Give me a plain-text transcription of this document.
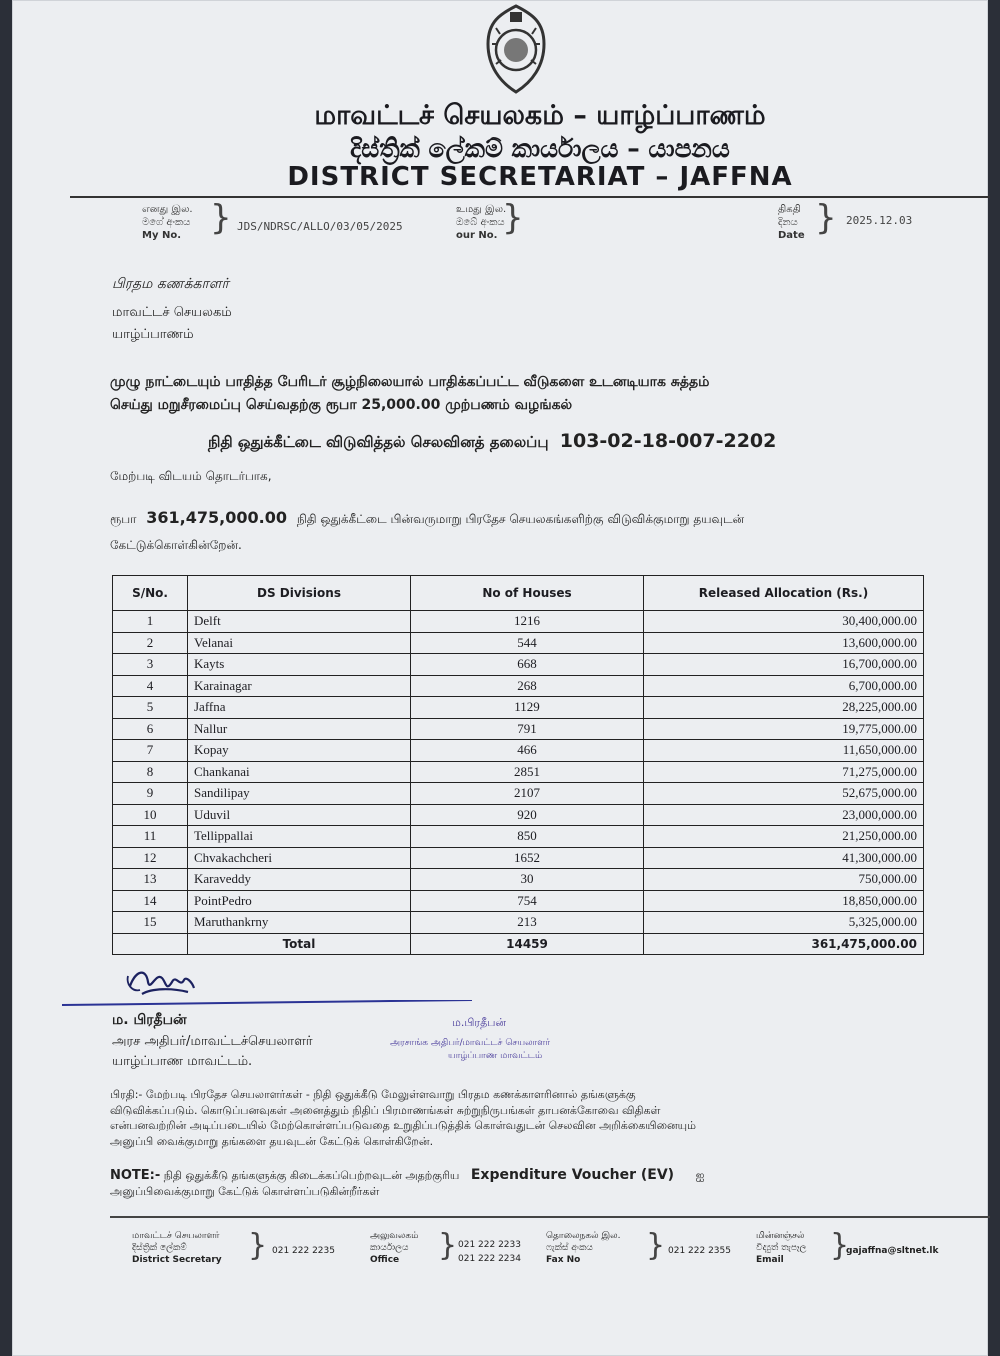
மாவட்டச் செயலகம் – யாழ்ப்பாணம்
දිස්ත්‍රික් ලේකම් කාර්යාලය – යාපනය
DISTRICT SECRETARIAT – JAFFNA
எனது இல.
මගේ අංකය
My No. } JDS/NDRSC/ALLO/03/05/2025
உமது இல.
ඔබේ අංකය
our No. }	திகதி
දිනය
Date } 2025.12.03
பிரதம கணக்காளர்
மாவட்டச் செயலகம்
யாழ்ப்பாணம்
முழு நாட்டையும் பாதித்த பேரிடர் சூழ்நிலையால் பாதிக்கப்பட்ட வீடுகளை உடனடியாக சுத்தம்
செய்து மறுசீரமைப்பு செய்வதற்கு ரூபா 25,000.00 முற்பணம் வழங்கல்
நிதி ஒதுக்கீட்டை விடுவித்தல் செலவினத் தலைப்பு 103-02-18-007-2202
மேற்படி விடயம் தொடர்பாக,
ரூபா 361,475,000.00 நிதி ஒதுக்கீட்டை பின்வருமாறு பிரதேச செயலகங்களிற்கு விடுவிக்குமாறு தயவுடன்
கேட்டுக்கொள்கின்றேன்.
S/No.	DS Divisions	No of Houses	Released Allocation (Rs.)
1	Delft	1216	30,400,000.00
2	Velanai	544	13,600,000.00
3	Kayts	668	16,700,000.00
4	Karainagar	268	6,700,000.00
5	Jaffna	1129	28,225,000.00
6	Nallur	791	19,775,000.00
7	Kopay	466	11,650,000.00
8	Chankanai	2851	71,275,000.00
9	Sandilipay	2107	52,675,000.00
10	Uduvil	920	23,000,000.00
11	Tellippallai	850	21,250,000.00
12	Chvakachcheri	1652	41,300,000.00
13	Karaveddy	30	750,000.00
14	PointPedro	754	18,850,000.00
15	Maruthankrny	213	5,325,000.00
	Total	14459	361,475,000.00
ம. பிரதீபன்
அரச அதிபர்/மாவட்டச்செயலாளர்
யாழ்ப்பாண மாவட்டம்.
ம.பிரதீபன்
அரசாங்க அதிபர்/மாவட்டச் செயலாளர்
யாழ்ப்பாண மாவட்டம்
பிரதி:- மேற்படி பிரதேச செயலாளர்கள் - நிதி ஒதுக்கீடு மேலுள்ளவாறு பிரதம கணக்காளரினால் தங்களுக்கு
விடுவிக்கப்படும். கொடுப்பனவுகள் அனைத்தும் நிதிப் பிரமாணங்கள் சுற்றுநிருபங்கள் தாபனக்கோவை விதிகள்
என்பனவற்றின் அடிப்படையில் மேற்கொள்ளப்படுவதை உறுதிப்படுத்திக் கொள்வதுடன் செலவின அறிக்கையினையும்
அனுப்பி வைக்குமாறு தங்களை தயவுடன் கேட்டுக் கொள்கிறேன்.
NOTE:- நிதி ஒதுக்கீடு தங்களுக்கு கிடைக்கப்பெற்றவுடன் அதற்குரிய Expenditure Voucher (EV) ஐ
அனுப்பிவைக்குமாறு கேட்டுக் கொள்ளப்படுகின்றீர்கள்
மாவட்டச் செயலாளர்
දිස්ත්‍රික් ලේකම්
District Secretary } 021 222 2235
அலுவலகம்
කාර්යාලය
Office	} 021 222 2233
021 222 2234
தொலைநகல் இல.
ෆැක්ස් අංකය
Fax No	} 021 222 2355
மின்னஞ்சல்
විද්‍යුත් තැපෑල
Email	}
gajaffna@sltnet.lk
